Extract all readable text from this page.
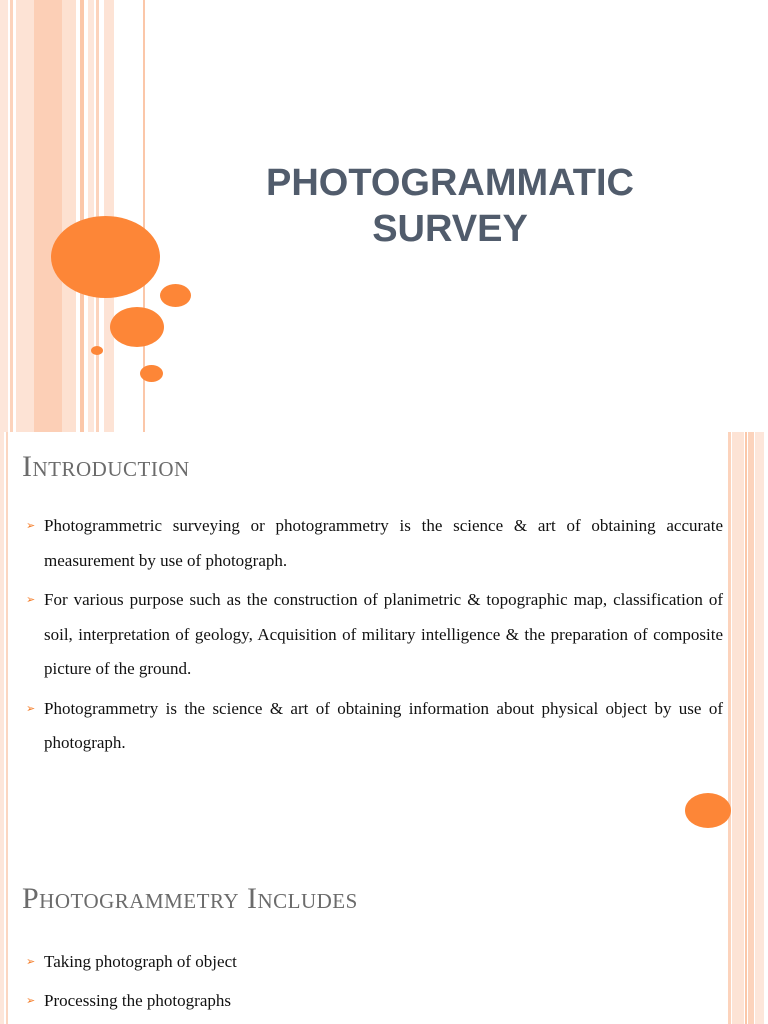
PHOTOGRAMMATIC
SURVEY
Introduction
➢ Photogrammetric surveying or photogrammetry is the science & art of obtaining accurate measurement by use of photograph.
➢ For various purpose such as the construction of planimetric & topographic map, classification of soil, interpretation of geology, Acquisition of military intelligence & the preparation of composite picture of the ground.
➢ Photogrammetry is the science & art of obtaining information about physical object by use of photograph.
Photogrammetry Includes
➢ Taking photograph of object
➢ Processing the photographs
